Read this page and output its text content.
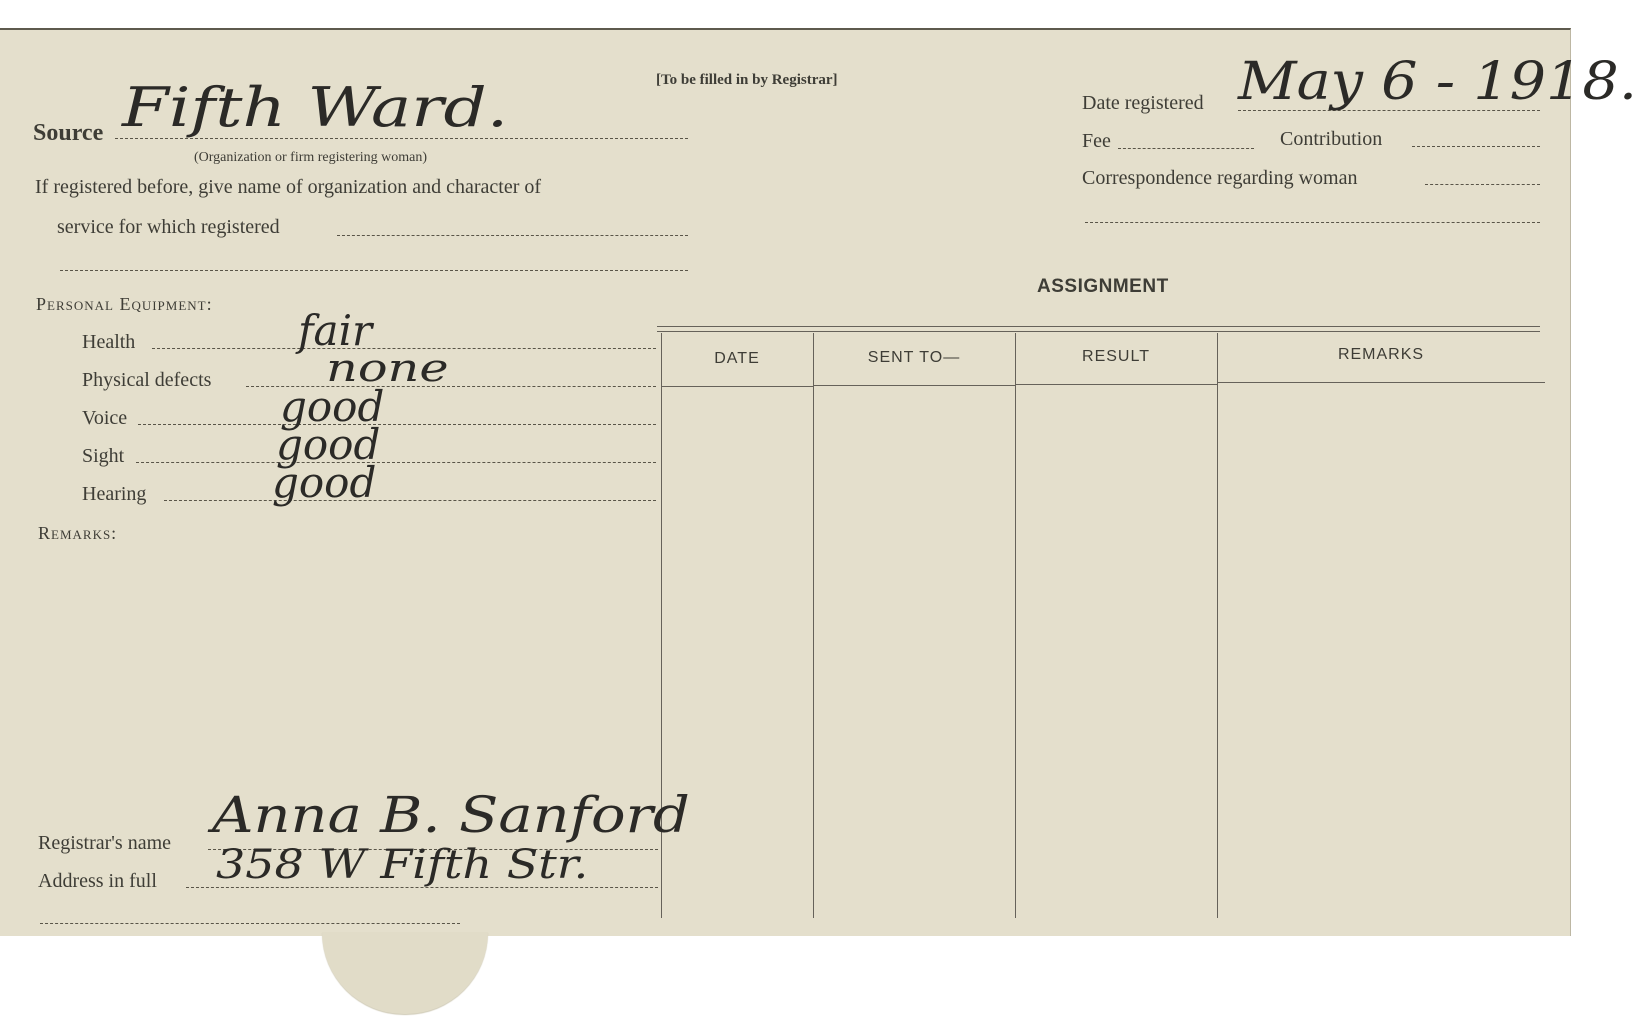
[To be filled in by Registrar]
Source Fifth Ward.
(Organization or firm registering woman)
If registered before, give name of organization and character of
service for which registered
Date registered May 6 - 1918.
Fee	Contribution
Correspondence regarding woman
ASSIGNMENT
DATE	SENT TO—	RESULT	REMARKS
Personal Equipment:
Health	fair
Physical defects	none
Voice	good
Sight	good
Hearing	good
Remarks:
Registrar's name Anna B. Sanford
Address in full 358 W Fifth Str.
